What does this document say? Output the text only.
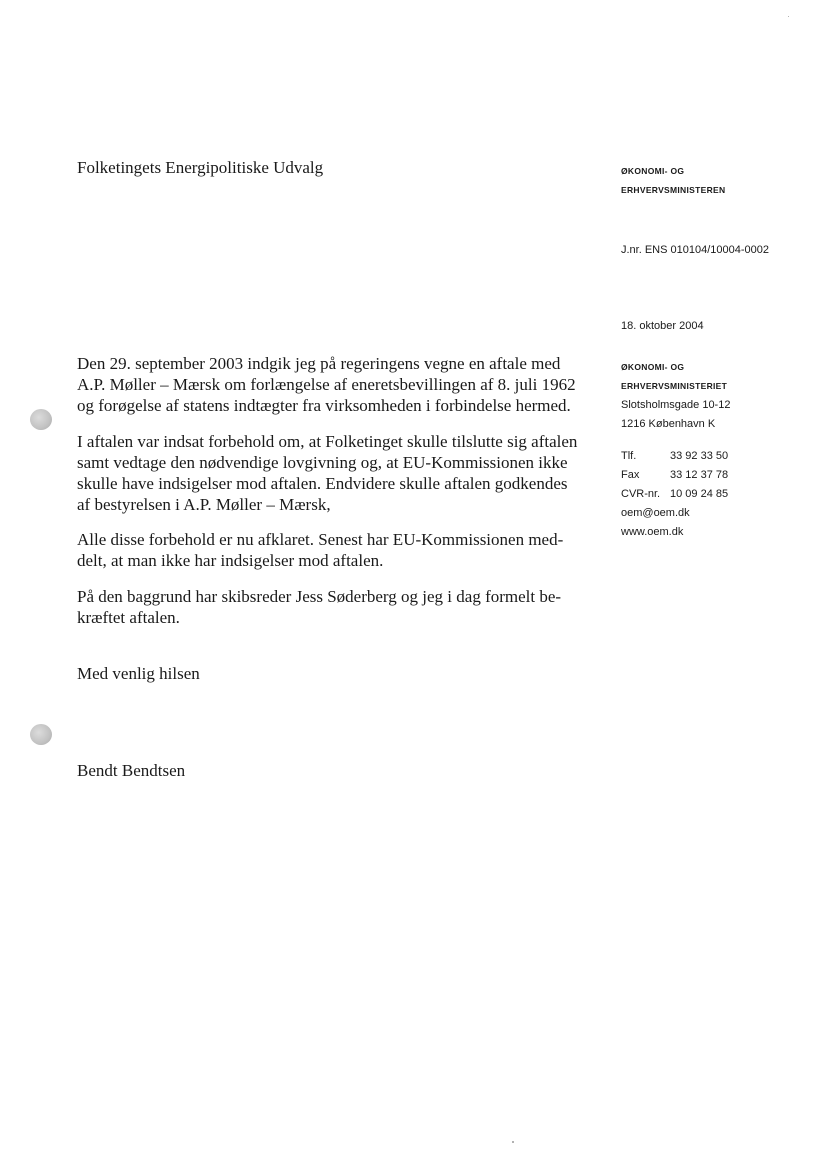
Folketingets Energipolitiske Udvalg	ØKONOMI- OG
ERHVERVSMINISTEREN
J.nr. ENS 010104/10004-0002
18. oktober 2004
ØKONOMI- OG
ERHVERVSMINISTERIET
Slotsholmsgade 10-12
1216 København K
Tlf.	33 92 33 50
Fax	33 12 37 78
CVR-nr. 10 09 24 85
oem@oem.dk
www.oem.dk
Den 29. september 2003 indgik jeg på regeringens vegne en aftale med
A.P. Møller – Mærsk om forlængelse af eneretsbevillingen af 8. juli 1962
og forøgelse af statens indtægter fra virksomheden i forbindelse hermed.
I aftalen var indsat forbehold om, at Folketinget skulle tilslutte sig aftalen
samt vedtage den nødvendige lovgivning og, at EU-Kommissionen ikke
skulle have indsigelser mod aftalen. Endvidere skulle aftalen godkendes
af bestyrelsen i A.P. Møller – Mærsk,
Alle disse forbehold er nu afklaret. Senest har EU-Kommissionen med-
delt, at man ikke har indsigelser mod aftalen.
På den baggrund har skibsreder Jess Søderberg og jeg i dag formelt be-
kræftet aftalen.
Med venlig hilsen
Bendt Bendtsen
